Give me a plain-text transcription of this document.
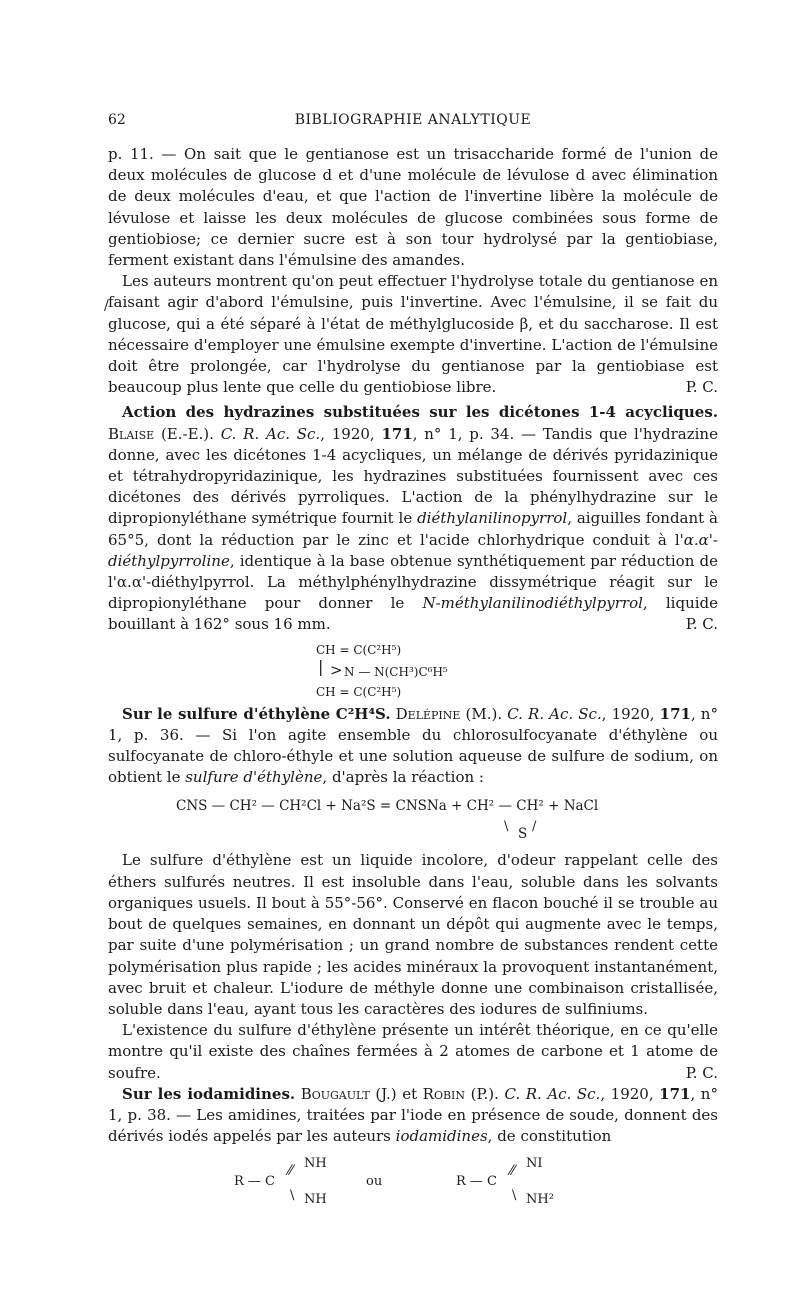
62	BIBLIOGRAPHIE ANALYTIQUE
/

p. 11. — On sait que le gentianose est un trisaccharide formé de l'union de deux molécules de glucose d et d'une molécule de lévulose d avec élimination de deux molécules d'eau, et que l'action de l'invertine libère la molécule de lévulose et laisse les deux molécules de glucose combinées sous forme de gentiobiose; ce dernier sucre est à son tour hydrolysé par la gentiobiase, ferment existant dans l'émulsine des amandes.

Les auteurs montrent qu'on peut effectuer l'hydrolyse totale du gentianose en faisant agir d'abord l'émulsine, puis l'invertine. Avec l'émulsine, il se fait du glucose, qui a été séparé à l'état de méthylglucoside β, et du saccharose. Il est nécessaire d'employer une émulsine exempte d'invertine. L'action de l'émulsine doit être prolongée, car l'hydrolyse du gentianose par la gentiobiase est beaucoup plus lente que celle du gentiobiose libre.	P. C.

Action des hydrazines substituées sur les dicétones 1-4 acycliques. Blaise (E.-E.). C. R. Ac. Sc., 1920, 171, n° 1, p. 34. — Tandis que l'hydrazine donne, avec les dicétones 1-4 acycliques, un mélange de dérivés pyridazinique et tétrahydropyridazinique, les hydrazines substituées fournissent avec ces dicétones des dérivés pyrroliques. L'action de la phénylhydrazine sur le dipropionyléthane symétrique fournit le diéthylanilinopyrrol, aiguilles fondant à 65°5, dont la réduction par le zinc et l'acide chlorhydrique conduit à l'α.α'-diéthylpyrroline, identique à la base obtenue synthétiquement par réduction de l'α.α'-diéthylpyrrol. La méthylphénylhydrazine dissymétrique réagit sur le dipropionyléthane pour donner le N-méthylanilinodiéthylpyrrol, liquide bouillant à 162° sous 16 mm.	P. C.

CH = C(C²H⁵)
| > N — N(CH³)C⁶H⁵
CH = C(C²H⁵)

Sur le sulfure d'éthylène C²H⁴S. Delépine (M.). C. R. Ac. Sc., 1920, 171, n° 1, p. 36. — Si l'on agite ensemble du chlorosulfocyanate d'éthylène ou sulfocyanate de chloro-éthyle et une solution aqueuse de sulfure de sodium, on obtient le sulfure d'éthylène, d'après la réaction :

CNS — CH² — CH²Cl + Na²S = CNSNa + CH² — CH² + NaCl
\ S /

Le sulfure d'éthylène est un liquide incolore, d'odeur rappelant celle des éthers sulfurés neutres. Il est insoluble dans l'eau, soluble dans les solvants organiques usuels. Il bout à 55°-56°. Conservé en flacon bouché il se trouble au bout de quelques semaines, en donnant un dépôt qui augmente avec le temps, par suite d'une polymérisation ; un grand nombre de substances rendent cette polymérisation plus rapide ; les acides minéraux la provoquent instantanément, avec bruit et chaleur. L'iodure de méthyle donne une combinaison cristallisée, soluble dans l'eau, ayant tous les caractères des iodures de sulfiniums.

L'existence du sulfure d'éthylène présente un intérêt théorique, en ce qu'elle montre qu'il existe des chaînes fermées à 2 atomes de carbone et 1 atome de soufre.	P. C.

Sur les iodamidines. Bougault (J.) et Robin (P.). C. R. Ac. Sc., 1920, 171, n° 1, p. 38. — Les amidines, traitées par l'iode en présence de soude, donnent des dérivés iodés appelés par les auteurs iodamidines, de constitution

R — C
⁄⁄ NH
\ NH
ou	R — C
⁄⁄ NI
\ NH²
